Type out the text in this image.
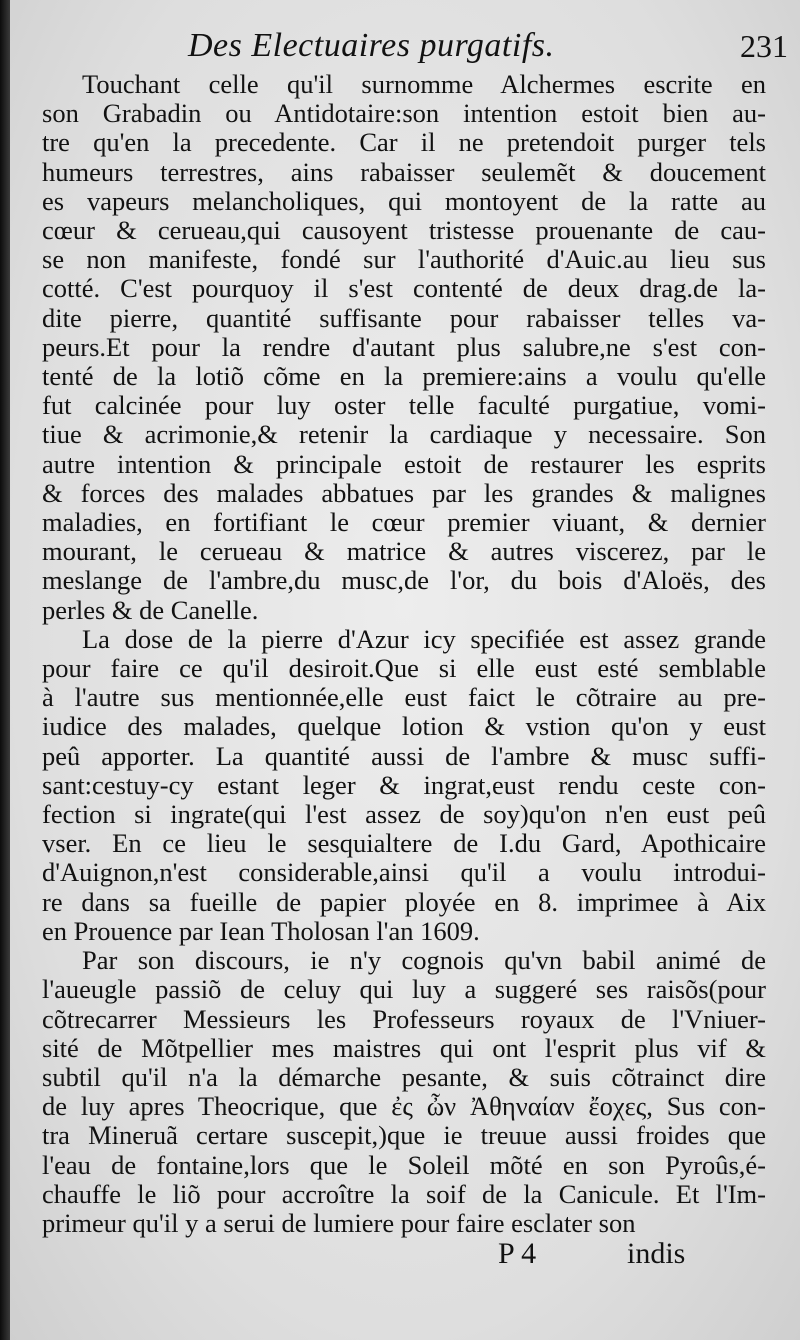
Des Electuaires purgatifs.	231
Touchant celle qu'il surnomme Alchermes escrite en
son Grabadin ou Antidotaire:son intention estoit bien au-
tre qu'en la precedente. Car il ne pretendoit purger tels
humeurs terrestres, ains rabaisser seulemẽt & doucement
es vapeurs melancholiques, qui montoyent de la ratte au
cœur & cerueau,qui causoyent tristesse prouenante de cau-
se non manifeste, fondé sur l'authorité d'Auic.au lieu sus
cotté. C'est pourquoy il s'est contenté de deux drag.de la-
dite pierre, quantité suffisante pour rabaisser telles va-
peurs.Et pour la rendre d'autant plus salubre,ne s'est con-
tenté de la lotiõ cõme en la premiere:ains a voulu qu'elle
fut calcinée pour luy oster telle faculté purgatiue, vomi-
tiue & acrimonie,& retenir la cardiaque y necessaire. Son
autre intention & principale estoit de restaurer les esprits
& forces des malades abbatues par les grandes & malignes
maladies, en fortifiant le cœur premier viuant, & dernier
mourant, le cerueau & matrice & autres viscerez, par le
meslange de l'ambre,du musc,de l'or, du bois d'Aloës, des
perles & de Canelle.
La dose de la pierre d'Azur icy specifiée est assez grande
pour faire ce qu'il desiroit.Que si elle eust esté semblable
à l'autre sus mentionnée,elle eust faict le cõtraire au pre-
iudice des malades, quelque lotion & vstion qu'on y eust
peû apporter. La quantité aussi de l'ambre & musc suffi-
sant:cestuy-cy estant leger & ingrat,eust rendu ceste con-
fection si ingrate(qui l'est assez de soy)qu'on n'en eust peû
vser. En ce lieu le sesquialtere de I.du Gard, Apothicaire
d'Auignon,n'est considerable,ainsi qu'il a voulu introdui-
re dans sa fueille de papier ployée en 8. imprimee à Aix
en Prouence par Iean Tholosan l'an 1609.
Par son discours, ie n'y cognois qu'vn babil animé de
l'aueugle passiõ de celuy qui luy a suggeré ses raisõs(pour
cõtrecarrer Messieurs les Professeurs royaux de l'Vniuer-
sité de Mõtpellier mes maistres qui ont l'esprit plus vif &
subtil qu'il n'a la démarche pesante, & suis cõtrainct dire
de luy apres Theocrique, que ἐς ὦν Ἀθηναίαν ἔοχες, Sus con-
tra Mineruã certare suscepit,)que ie treuue aussi froides que
l'eau de fontaine,lors que le Soleil mõté en son Pyroûs,é-
chauffe le liõ pour accroître la soif de la Canicule. Et l'Im-
primeur qu'il y a serui de lumiere pour faire esclater son
P 4	indis
